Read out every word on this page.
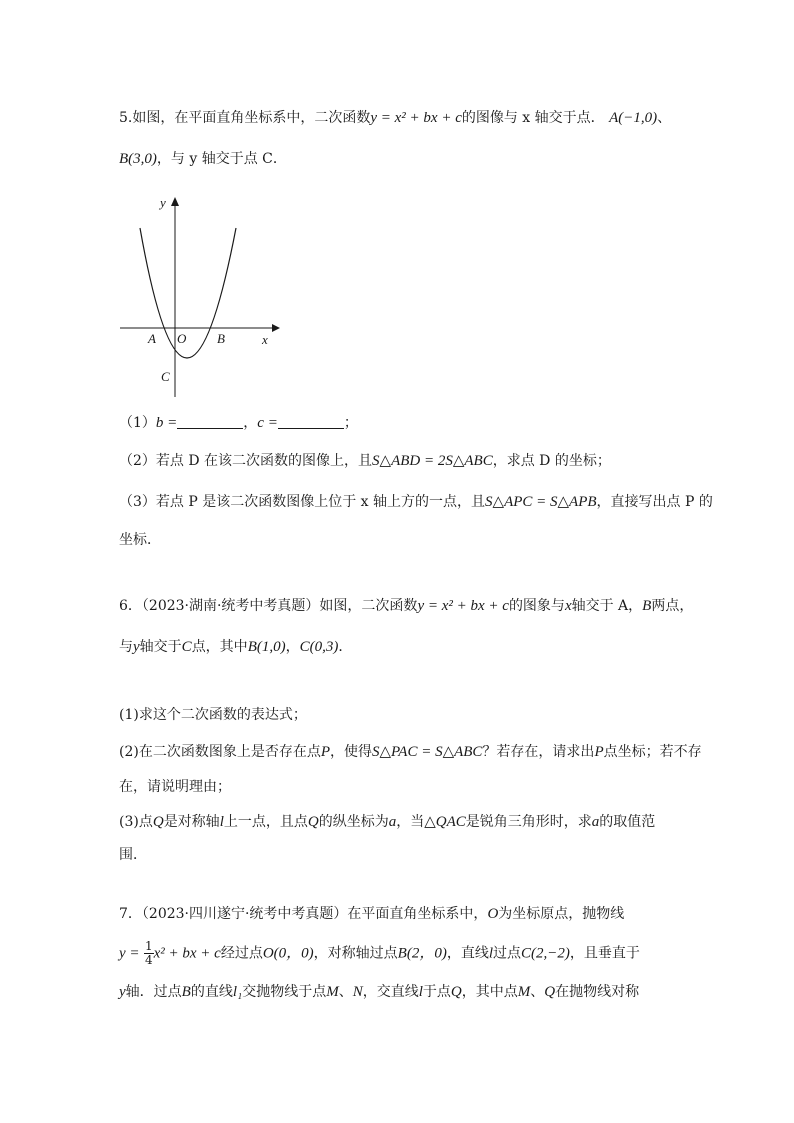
5.如图，在平面直角坐标系中，二次函数y = x² + bx + c的图像与 x 轴交于点． A(−1,0)、
B(3,0)，与 y 轴交于点 C．
y
x
O
A	B
C
（1）b =	，c =	；
（2）若点 D 在该二次函数的图像上，且S△ABD = 2S△ABC，求点 D 的坐标；
（3）若点 P 是该二次函数图像上位于 x 轴上方的一点，且S△APC = S△APB，直接写出点 P 的
坐标．
6．（2023·湖南·统考中考真题）如图，二次函数y = x² + bx + c的图象与x轴交于 A，B两点，
与y轴交于C点，其中B(1,0)，C(0,3)．
(1)求这个二次函数的表达式；
(2)在二次函数图象上是否存在点P，使得S△PAC = S△ABC？若存在，请求出P点坐标；若不存
在，请说明理由；
(3)点Q是对称轴l上一点，且点Q的纵坐标为a，当△QAC是锐角三角形时，求a的取值范
围．
7．（2023·四川遂宁·统考中考真题）在平面直角坐标系中，O为坐标原点，抛物线
$y = \frac{1}{4} x^2$ + bx + c经过点O(0，0)，对称轴过点B(2，0)，直线l过点C(2,−2)，且垂直于
y轴．过点B的直线l₁交抛物线于点M、N，交直线l于点Q，其中点M、Q在抛物线对称
